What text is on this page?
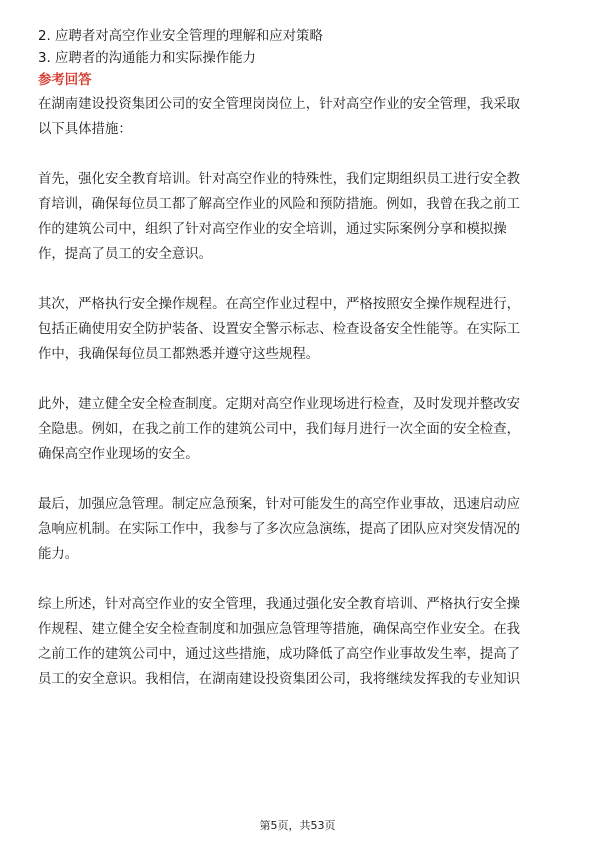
2. 应聘者对高空作业安全管理的理解和应对策略
3. 应聘者的沟通能力和实际操作能力
参考回答
在湖南建设投资集团公司的安全管理岗岗位上，针对高空作业的安全管理，我采取
以下具体措施：
首先，强化安全教育培训。针对高空作业的特殊性，我们定期组织员工进行安全教
育培训，确保每位员工都了解高空作业的风险和预防措施。例如，我曾在我之前工
作的建筑公司中，组织了针对高空作业的安全培训，通过实际案例分享和模拟操
作，提高了员工的安全意识。
其次，严格执行安全操作规程。在高空作业过程中，严格按照安全操作规程进行，
包括正确使用安全防护装备、设置安全警示标志、检查设备安全性能等。在实际工
作中，我确保每位员工都熟悉并遵守这些规程。
此外，建立健全安全检查制度。定期对高空作业现场进行检查，及时发现并整改安
全隐患。例如，在我之前工作的建筑公司中，我们每月进行一次全面的安全检查，
确保高空作业现场的安全。
最后，加强应急管理。制定应急预案，针对可能发生的高空作业事故，迅速启动应
急响应机制。在实际工作中，我参与了多次应急演练，提高了团队应对突发情况的
能力。
综上所述，针对高空作业的安全管理，我通过强化安全教育培训、严格执行安全操
作规程、建立健全安全检查制度和加强应急管理等措施，确保高空作业安全。在我
之前工作的建筑公司中，通过这些措施，成功降低了高空作业事故发生率，提高了
员工的安全意识。我相信，在湖南建设投资集团公司，我将继续发挥我的专业知识
第5页，共53页
